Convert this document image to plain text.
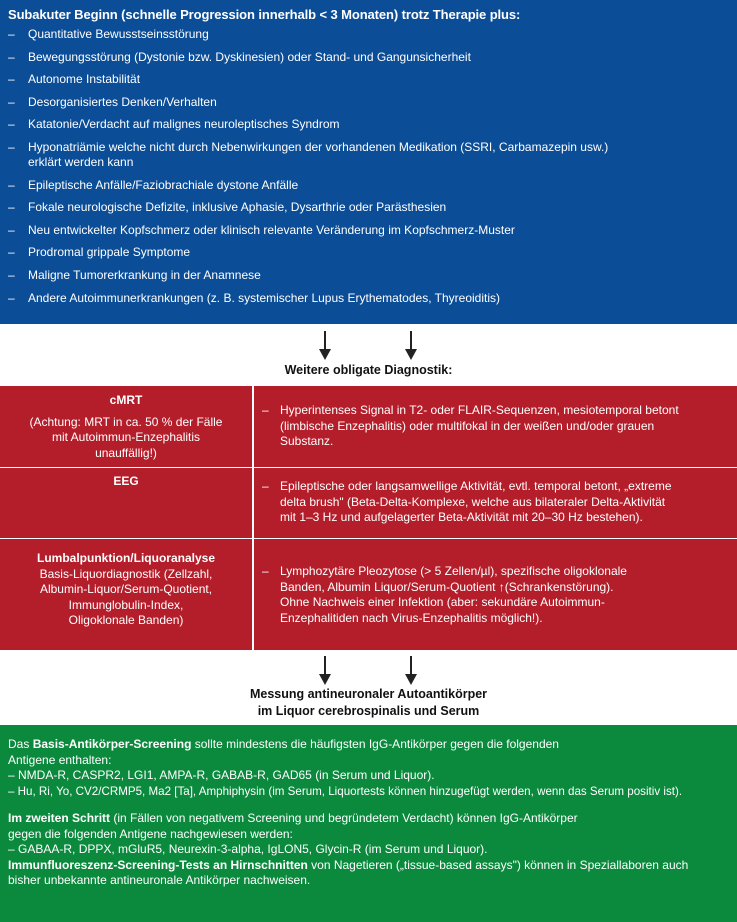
Subakuter Beginn (schnelle Progression innerhalb < 3 Monaten) trotz Therapie plus:
– Quantitative Bewusstseinsstörung
– Bewegungsstörung (Dystonie bzw. Dyskinesien) oder Stand- und Gangunsicherheit
– Autonome Instabilität
– Desorganisiertes Denken/Verhalten
– Katatonie/Verdacht auf malignes neuroleptisches Syndrom
– Hyponatriämie welche nicht durch Nebenwirkungen der vorhandenen Medikation (SSRI, Carbamazepin usw.)
erklärt werden kann
– Epileptische Anfälle/Faziobrachiale dystone Anfälle
– Fokale neurologische Defizite, inklusive Aphasie, Dysarthrie oder Parästhesien
– Neu entwickelter Kopfschmerz oder klinisch relevante Veränderung im Kopfschmerz-Muster
– Prodromal grippale Symptome
– Maligne Tumorerkrankung in der Anamnese
– Andere Autoimmunerkrankungen (z. B. systemischer Lupus Erythematodes, Thyreoiditis)
Weitere obligate Diagnostik:
cMRT
(Achtung: MRT in ca. 50 % der Fälle
mit Autoimmun-Enzephalitis
unauffällig!)
– Hyperintenses Signal in T2- oder FLAIR-Sequenzen, mesiotemporal betont
(limbische Enzephalitis) oder multifokal in der weißen und/oder grauen
Substanz.
EEG	– Epileptische oder langsamwellige Aktivität, evtl. temporal betont, „extreme
delta brush" (Beta-Delta-Komplexe, welche aus bilateraler Delta-Aktivität
mit 1–3 Hz und aufgelagerter Beta-Aktivität mit 20–30 Hz bestehen).
Lumbalpunktion/Liquoranalyse
Basis-Liquordiagnostik (Zellzahl,
Albumin-Liquor/Serum-Quotient,
Immunglobulin-Index,
Oligoklonale Banden)
– Lymphozytäre Pleozytose (> 5 Zellen/µl), spezifische oligoklonale
Banden, Albumin Liquor/Serum-Quotient ↑(Schrankenstörung).
Ohne Nachweis einer Infektion (aber: sekundäre Autoimmun-
Enzephalitiden nach Virus-Enzephalitis möglich!).
Messung antineuronaler Autoantikörper
im Liquor cerebrospinalis und Serum

Das Basis-Antikörper-Screening sollte mindestens die häufigsten IgG-Antikörper gegen die folgenden
Antigene enthalten:
– NMDA-R, CASPR2, LGI1, AMPA-R, GABAB-R, GAD65 (in Serum und Liquor).
– Hu, Ri, Yo, CV2/CRMP5, Ma2 [Ta], Amphiphysin (im Serum, Liquortests können hinzugefügt werden, wenn das Serum positiv ist).

Im zweiten Schritt (in Fällen von negativem Screening und begründetem Verdacht) können IgG-Antikörper
gegen die folgenden Antigene nachgewiesen werden:
– GABAA-R, DPPX, mGluR5, Neurexin-3-alpha, IgLON5, Glycin-R (im Serum und Liquor).
Immunfluoreszenz-Screening-Tests an Hirnschnitten von Nagetieren („tissue-based assays") können in Speziallaboren auch
bisher unbekannte antineuronale Antikörper nachweisen.
